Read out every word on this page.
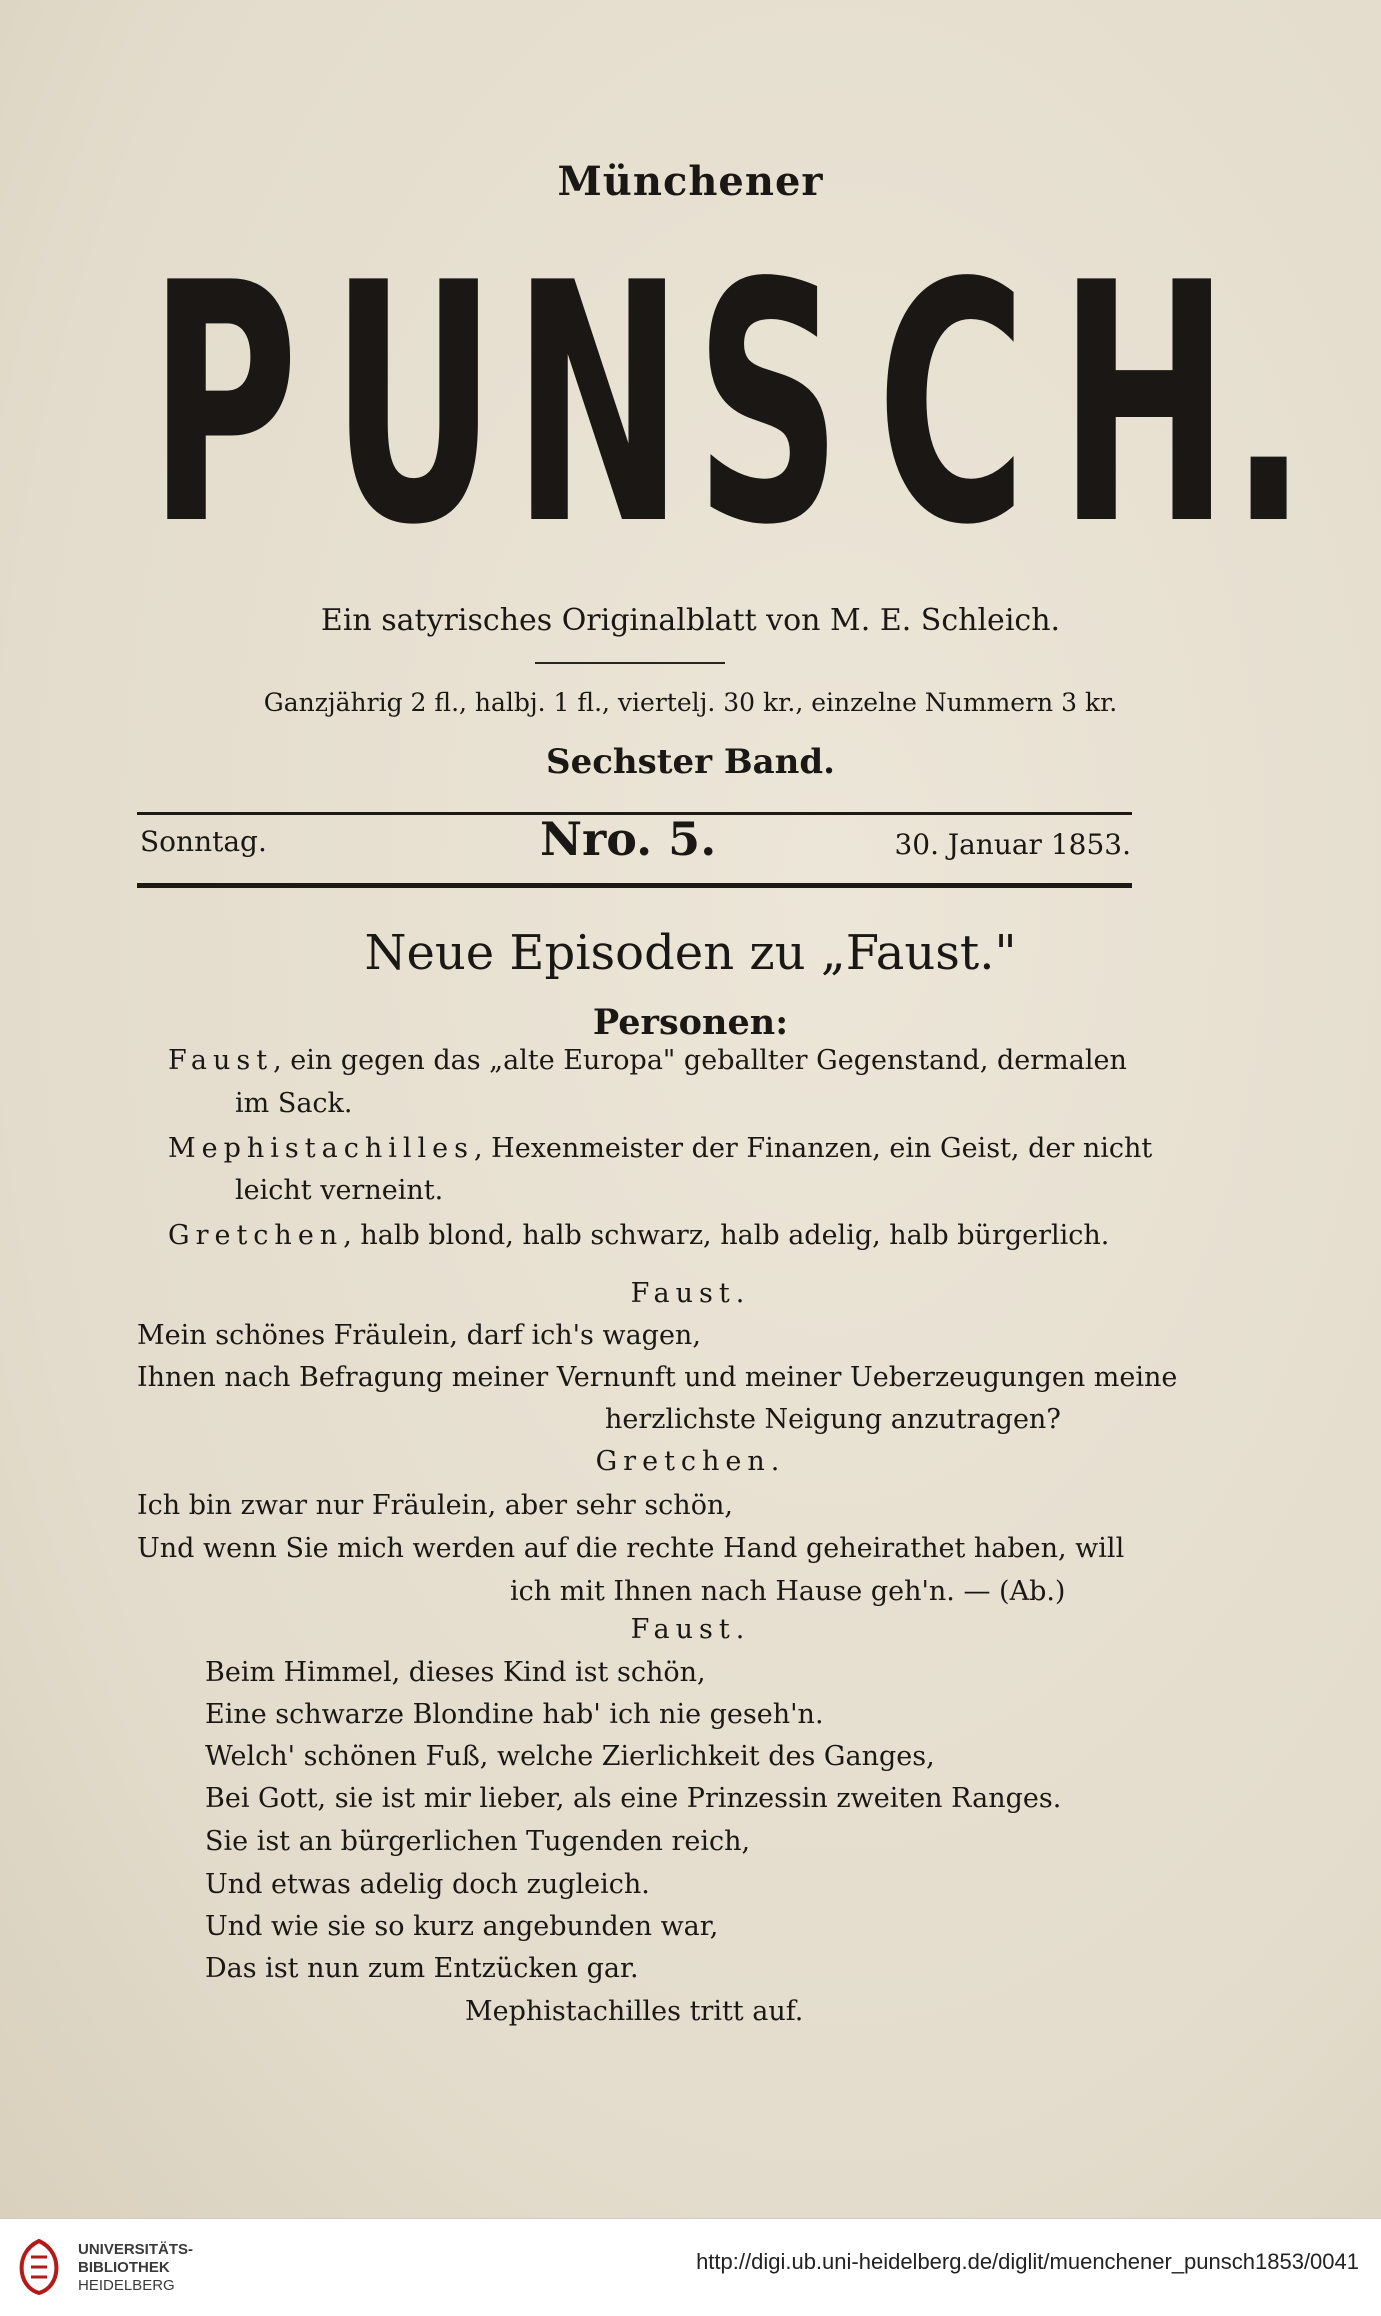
Münchener
P U N S C H.
Ein satyrisches Originalblatt von M. E. Schleich.
Ganzjährig 2 fl., halbj. 1 fl., viertelj. 30 kr., einzelne Nummern 3 kr.
Sechster Band.
Sonntag.	Nro. 5.	30. Januar 1853.
Neue Episoden zu „Faust."
Personen:
Faust, ein gegen das „alte Europa" geballter Gegenstand, dermalen
im Sack.
Mephistachilles, Hexenmeister der Finanzen, ein Geist, der nicht
leicht verneint.
Gretchen, halb blond, halb schwarz, halb adelig, halb bürgerlich.
Faust.
Mein schönes Fräulein, darf ich's wagen,
Ihnen nach Befragung meiner Vernunft und meiner Ueberzeugungen meine
herzlichste Neigung anzutragen?
Gretchen.
Ich bin zwar nur Fräulein, aber sehr schön,
Und wenn Sie mich werden auf die rechte Hand geheirathet haben, will
ich mit Ihnen nach Hause geh'n. — (Ab.)
Faust.
Beim Himmel, dieses Kind ist schön,
Eine schwarze Blondine hab' ich nie geseh'n.
Welch' schönen Fuß, welche Zierlichkeit des Ganges,
Bei Gott, sie ist mir lieber, als eine Prinzessin zweiten Ranges.
Sie ist an bürgerlichen Tugenden reich,
Und etwas adelig doch zugleich.
Und wie sie so kurz angebunden war,
Das ist nun zum Entzücken gar.
Mephistachilles tritt auf.
UNIVERSITÄTS-
BIBLIOTHEK
HEIDELBERG
http://digi.ub.uni-heidelberg.de/diglit/muenchener_punsch1853/0041
